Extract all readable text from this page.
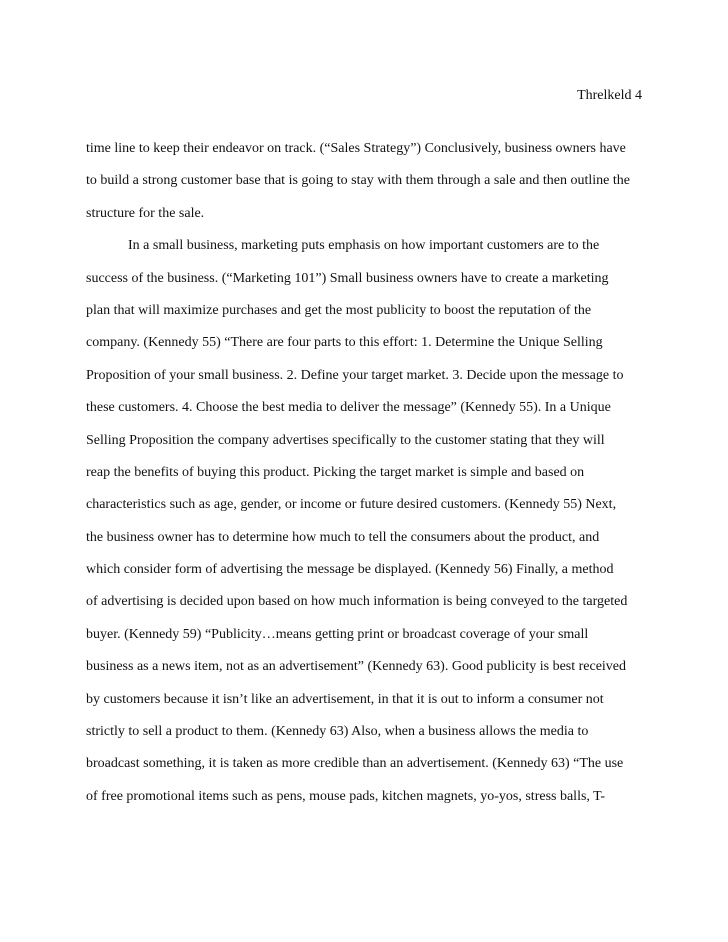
Threlkeld 4
time line to keep their endeavor on track. (“Sales Strategy”) Conclusively, business owners have
to build a strong customer base that is going to stay with them through a sale and then outline the
structure for the sale.
In a small business, marketing puts emphasis on how important customers are to the
success of the business. (“Marketing 101”) Small business owners have to create a marketing
plan that will maximize purchases and get the most publicity to boost the reputation of the
company. (Kennedy 55) “There are four parts to this effort: 1. Determine the Unique Selling
Proposition of your small business. 2. Define your target market. 3. Decide upon the message to
these customers. 4. Choose the best media to deliver the message” (Kennedy 55). In a Unique
Selling Proposition the company advertises specifically to the customer stating that they will
reap the benefits of buying this product. Picking the target market is simple and based on
characteristics such as age, gender, or income or future desired customers. (Kennedy 55) Next,
the business owner has to determine how much to tell the consumers about the product, and
which consider form of advertising the message be displayed. (Kennedy 56) Finally, a method
of advertising is decided upon based on how much information is being conveyed to the targeted
buyer. (Kennedy 59) “Publicity…means getting print or broadcast coverage of your small
business as a news item, not as an advertisement” (Kennedy 63). Good publicity is best received
by customers because it isn’t like an advertisement, in that it is out to inform a consumer not
strictly to sell a product to them. (Kennedy 63) Also, when a business allows the media to
broadcast something, it is taken as more credible than an advertisement. (Kennedy 63) “The use
of free promotional items such as pens, mouse pads, kitchen magnets, yo-yos, stress balls, T-
